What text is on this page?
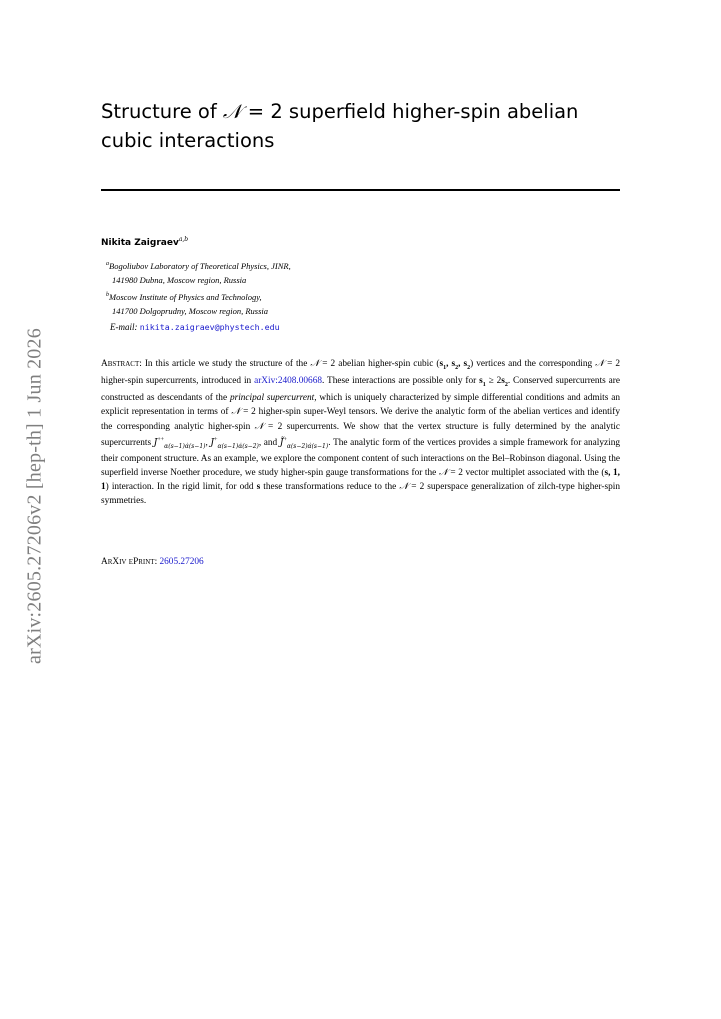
arXiv:2605.27206v2 [hep-th] 1 Jun 2026
Structure of 𝒩 = 2 superfield higher-spin abelian
cubic interactions
Nikita Zaigraev$^{a,b}$
$^a$Bogoliubov Laboratory of Theoretical Physics, JINR,
141980 Dubna, Moscow region, Russia
$^b$Moscow Institute of Physics and Technology,
141700 Dolgoprudny, Moscow region, Russia
E-mail: nikita.zaigraev@phystech.edu
Abstract: In this article we study the structure of the 𝒩 = 2 abelian higher-spin cubic ($s_1$, $s_2$, $s_2$) vertices and the corresponding 𝒩 = 2 higher-spin supercurrents, introduced in arXiv:2408.00668. These interactions are possible only for $s_1 \ge 2s_2$. Conserved supercurrents are constructed as descendants of the principal supercurrent, which is uniquely characterized by simple differential conditions and admits an explicit representation in terms of 𝒩 = 2 higher-spin super-Weyl tensors. We derive the analytic form of the abelian vertices and identify the corresponding analytic higher-spin 𝒩 = 2 supercurrents. We show that the vertex structure is fully determined by the analytic supercurrents $J^{++}_{\alpha(s-1)\alphȧ(s-1)}$, $J^+_{\alpha(s-1)\alphȧ(s-2)}$, and $J̃^+_{\alpha(s-2)\alphȧ(s-1)}$. The analytic form of the vertices provides a simple framework for analyzing their component structure. As an example, we explore the component content of such interactions on the Bel–Robinson diagonal. Using the superfield inverse Noether procedure, we study higher-spin gauge transformations for the 𝒩 = 2 vector multiplet associated with the (s, 1, 1) interaction. In the rigid limit, for odd s these transformations reduce to the 𝒩 = 2 superspace generalization of zilch-type higher-spin symmetries.
ArXiv ePrint: 2605.27206
